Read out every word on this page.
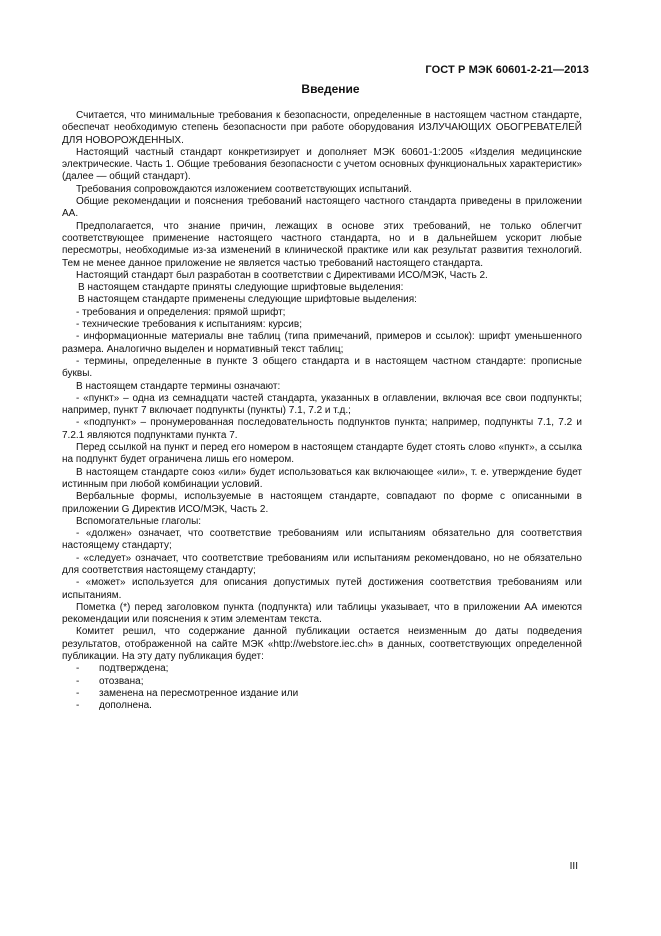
ГОСТ Р МЭК 60601-2-21—2013
Введение

Считается, что минимальные требования к безопасности, определенные в настоящем частном стандарте, обеспечат необходимую степень безопасности при работе оборудования ИЗЛУЧАЮЩИХ ОБОГРЕВАТЕЛЕЙ ДЛЯ НОВОРОЖДЕННЫХ.

Настоящий частный стандарт конкретизирует и дополняет МЭК 60601-1:2005 «Изделия медицинские электрические. Часть 1. Общие требования безопасности с учетом основных функциональных характеристик» (далее — общий стандарт).

Требования сопровождаются изложением соответствующих испытаний.

Общие рекомендации и пояснения требований настоящего частного стандарта приведены в приложении АА.

Предполагается, что знание причин, лежащих в основе этих требований, не только облегчит соответствующее применение настоящего частного стандарта, но и в дальнейшем ускорит любые пересмотры, необходимые из-за изменений в клинической практике или как результат развития технологий. Тем не менее данное приложение не является частью требований настоящего стандарта.

Настоящий стандарт был разработан в соответствии с Директивами ИСО/МЭК, Часть 2.

В настоящем стандарте приняты следующие шрифтовые выделения:

В настоящем стандарте применены следующие шрифтовые выделения:

- требования и определения: прямой шрифт;

- технические требования к испытаниям: курсив;

- информационные материалы вне таблиц (типа примечаний, примеров и ссылок): шрифт уменьшенного размера. Аналогично выделен и нормативный текст таблиц;

- термины, определенные в пункте 3 общего стандарта и в настоящем частном стандарте: прописные буквы.

В настоящем стандарте термины означают:

- «пункт» – одна из семнадцати частей стандарта, указанных в оглавлении, включая все свои подпункты; например, пункт 7 включает подпункты (пункты) 7.1, 7.2 и т.д.;

- «подпункт» – пронумерованная последовательность подпунктов пункта; например, подпункты 7.1, 7.2 и 7.2.1 являются подпунктами пункта 7.

Перед ссылкой на пункт и перед его номером в настоящем стандарте будет стоять слово «пункт», а ссылка на подпункт будет ограничена лишь его номером.

В настоящем стандарте союз «или» будет использоваться как включающее «или», т. е. утверждение будет истинным при любой комбинации условий.

Вербальные формы, используемые в настоящем стандарте, совпадают по форме с описанными в приложении G Директив ИСО/МЭК, Часть 2.

Вспомогательные глаголы:

- «должен» означает, что соответствие требованиям или испытаниям обязательно для соответствия настоящему стандарту;

- «следует» означает, что соответствие требованиям или испытаниям рекомендовано, но не обязательно для соответствия настоящему стандарту;

- «может» используется для описания допустимых путей достижения соответствия требованиям или испытаниям.

Пометка (*) перед заголовком пункта (подпункта) или таблицы указывает, что в приложении АА имеются рекомендации или пояснения к этим элементам текста.

Комитет решил, что содержание данной публикации остается неизменным до даты подведения результатов, отображенной на сайте МЭК «http://webstore.iec.ch» в данных, соответствующих определенной публикации. На эту дату публикация будет:

-	подтверждена;
-	отозвана;
-	заменена на пересмотренное издание или
-	дополнена.
III
